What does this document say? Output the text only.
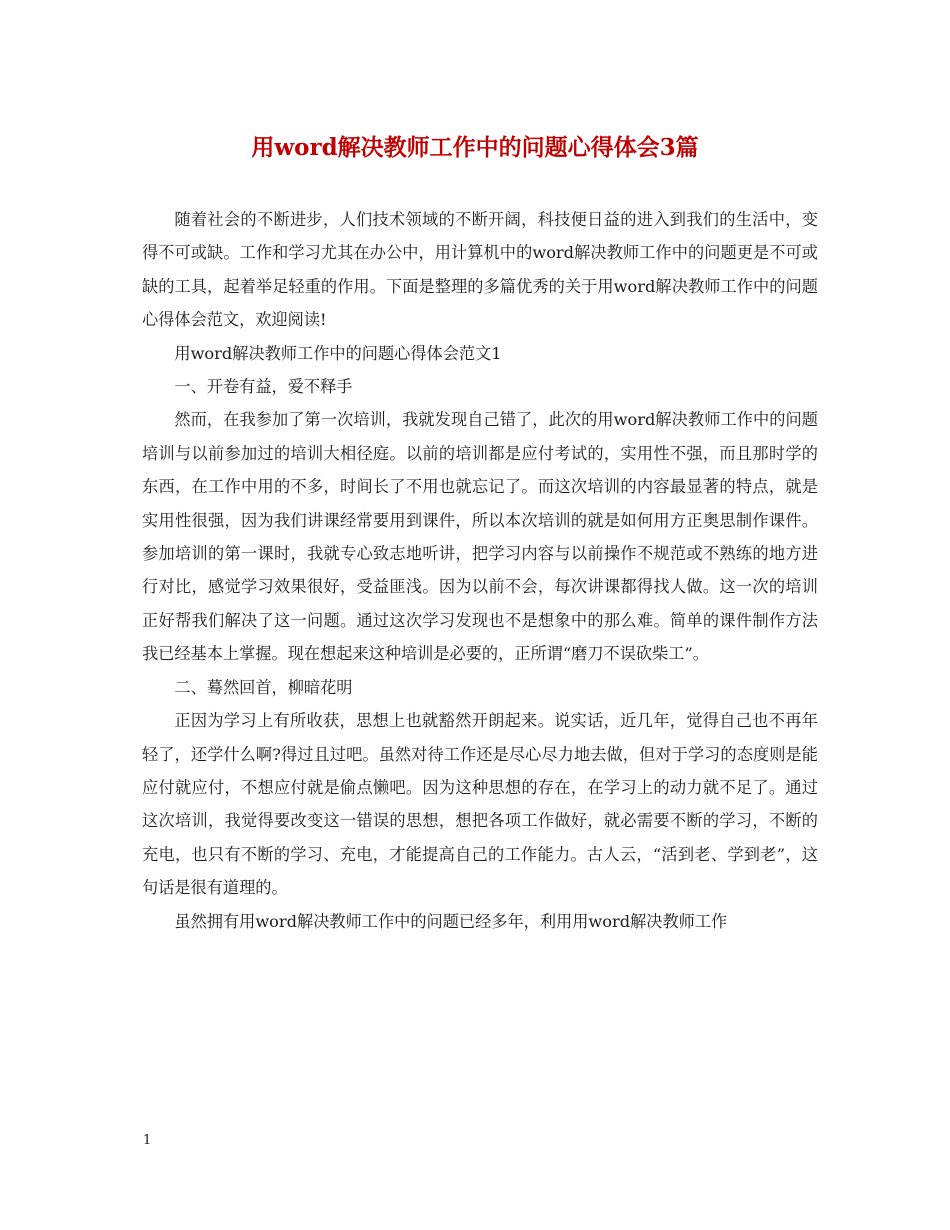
用word解决教师工作中的问题心得体会3篇

随着社会的不断进步，人们技术领域的不断开阔，科技便日益的进入到我们的生活中，变得不可或缺。工作和学习尤其在办公中，用计算机中的word解决教师工作中的问题更是不可或缺的工具，起着举足轻重的作用。下面是整理的多篇优秀的关于用word解决教师工作中的问题心得体会范文，欢迎阅读!

用word解决教师工作中的问题心得体会范文1

一、开卷有益，爱不释手

然而，在我参加了第一次培训，我就发现自己错了，此次的用word解决教师工作中的问题培训与以前参加过的培训大相径庭。以前的培训都是应付考试的，实用性不强，而且那时学的东西，在工作中用的不多，时间长了不用也就忘记了。而这次培训的内容最显著的特点，就是实用性很强，因为我们讲课经常要用到课件，所以本次培训的就是如何用方正奥思制作课件。参加培训的第一课时，我就专心致志地听讲，把学习内容与以前操作不规范或不熟练的地方进行对比，感觉学习效果很好，受益匪浅。因为以前不会，每次讲课都得找人做。这一次的培训正好帮我们解决了这一问题。通过这次学习发现也不是想象中的那么难。简单的课件制作方法我已经基本上掌握。现在想起来这种培训是必要的，正所谓“磨刀不误砍柴工”。

二、蓦然回首，柳暗花明

正因为学习上有所收获，思想上也就豁然开朗起来。说实话，近几年，觉得自己也不再年轻了，还学什么啊?得过且过吧。虽然对待工作还是尽心尽力地去做，但对于学习的态度则是能应付就应付，不想应付就是偷点懒吧。因为这种思想的存在，在学习上的动力就不足了。通过这次培训，我觉得要改变这一错误的思想，想把各项工作做好，就必需要不断的学习，不断的充电，也只有不断的学习、充电，才能提高自己的工作能力。古人云，“活到老、学到老”，这句话是很有道理的。

虽然拥有用word解决教师工作中的问题已经多年，利用用word解决教师工作

1
